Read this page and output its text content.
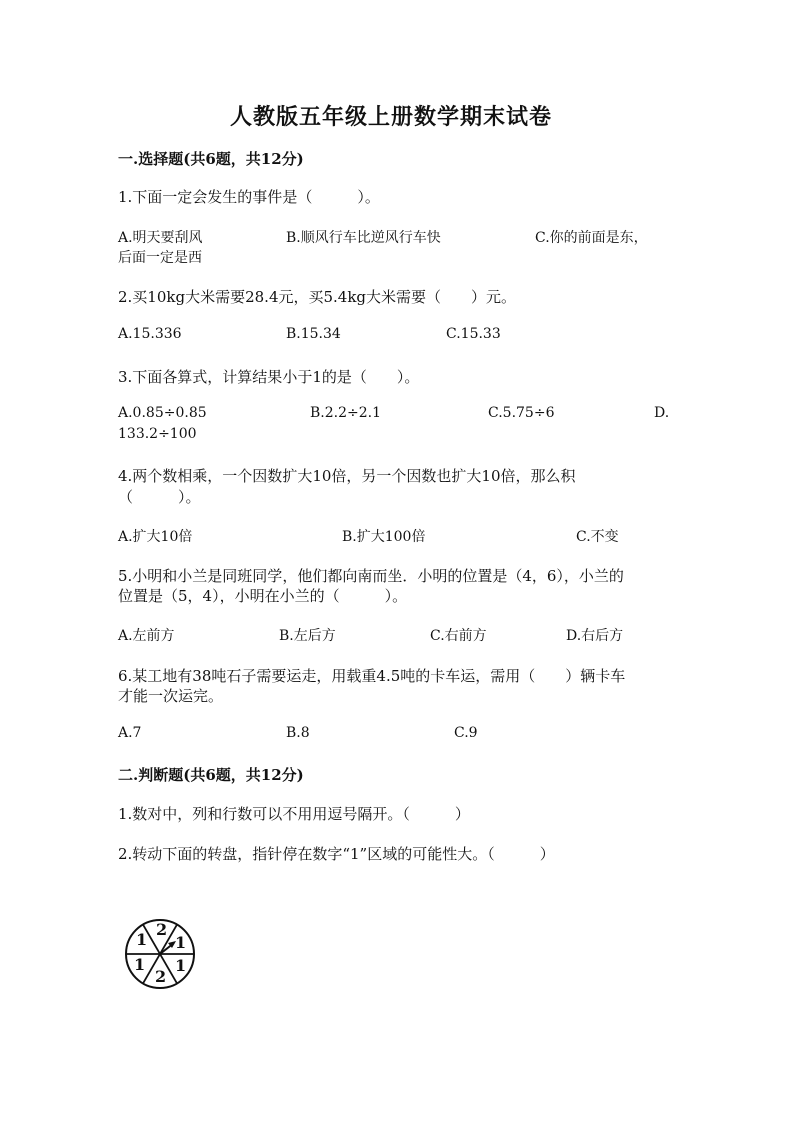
人教版五年级上册数学期末试卷
一.选择题(共6题，共12分)
1.下面一定会发生的事件是（　　　）。
A.明天要刮风	B.顺风行车比逆风行车快	C.你的前面是东，
后面一定是西
2.买10kg大米需要28.4元，买5.4kg大米需要（　　）元。
A.15.336	B.15.34	C.15.33
3.下面各算式，计算结果小于1的是（　　）。
A.0.85÷0.85	B.2.2÷2.1	C.5.75÷6	D.
133.2÷100
4.两个数相乘，一个因数扩大10倍，另一个因数也扩大10倍，那么积
（　　　）。
A.扩大10倍	B.扩大100倍	C.不变
5.小明和小兰是同班同学，他们都向南而坐．小明的位置是（4，6），小兰的
位置是（5，4），小明在小兰的（　　　）。
A.左前方	B.左后方	C.右前方	D.右后方
6.某工地有38吨石子需要运走，用载重4.5吨的卡车运，需用（　　）辆卡车
才能一次运完。
A.7	B.8	C.9
二.判断题(共6题，共12分)
1.数对中，列和行数可以不用用逗号隔开。（　　　）
2.转动下面的转盘，指针停在数字“1”区域的可能性大。（　　　）
1
2
1
1
2
1
